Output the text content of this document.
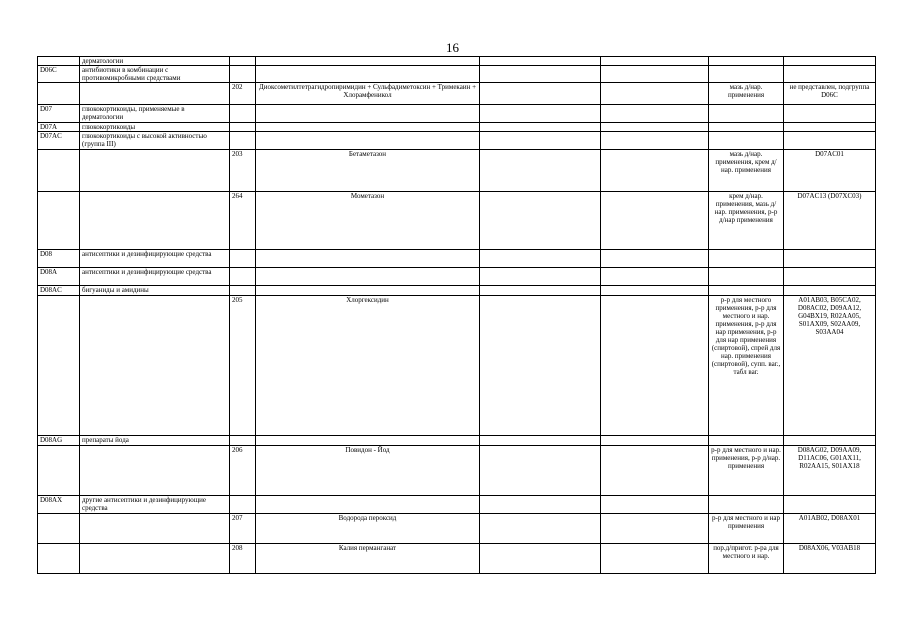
16
	дерматологии						
D06C	антибиотики в комбинации с противомикробными средствами						
		202	Диоксометилтетрагидропиримидин + Сульфадиметоксин + Тримекаин + Хлорамфеникол			мазь д/нар. применения	не представлен, подгруппа D06C
D07	глюкокортикоиды, применяемые в дерматологии						
D07A	глюкокортикоиды						
D07AC	глюкокортикоиды с высокой активностью (группа III)						
		203	Бетаметазон			мазь д/нар. применения, крем д/нар. применения	D07AC01
		264	Мометазон			крем д/нар. применения, мазь д/нар. применения, р-р д/нар применения	D07AC13 (D07XC03)
D08	антисептики и дезинфицирующие средства						
D08A	антисептики и дезинфицирующие средства						
D08AC	бигуаниды и амидины						
		205	Хлоргексидин			р-р для местного применения, р-р для местного и нар. применения, р-р для нар применения, р-р для нар применения (спиртовой), спрей для нар. применения (спиртовой), супп. ваг., табл ваг.	A01AB03, B05CA02, D08AC02, D09AA12, G04BX19, R02AA05, S01AX09, S02AA09, S03AA04
D08AG	препараты йода						
		206	Повидон - Йод			р-р для местного и нар. применения, р-р д/нар. применения	D08AG02, D09AA09, D11AC06, G01AX11, R02AA15, S01AX18
D08AX	другие антисептики и дезинфицирующие средства						
		207	Водорода пероксид			р-р для местного и нар применения	A01AB02, D08AX01
		208	Калия перманганат			пор.д/пригот. р-ра для местного и нар.	D08AX06, V03AB18
